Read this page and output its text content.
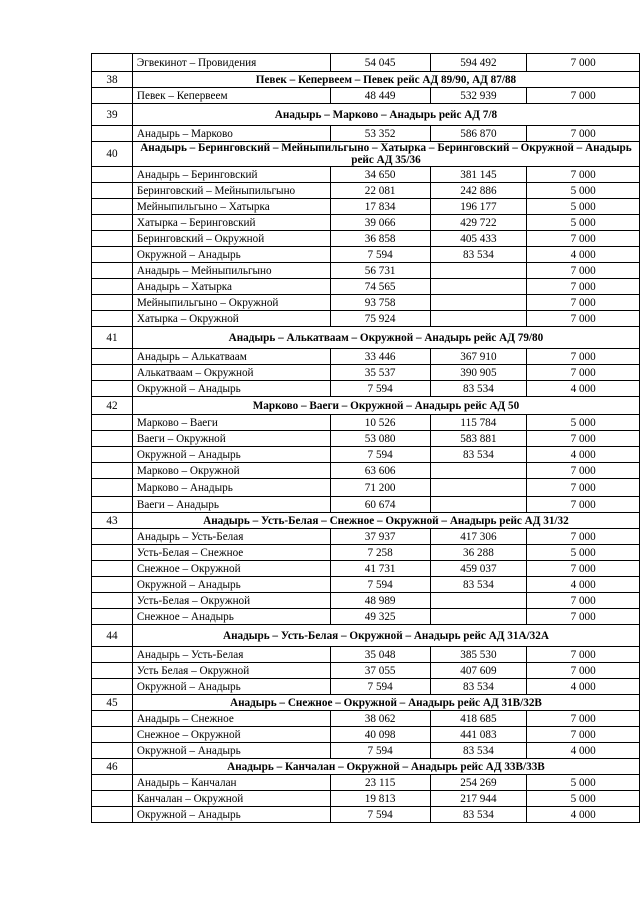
	Эгвекинот – Провидения	54 045	594 492	7 000
38	Певек – Кепервеем – Певек рейс АД 89/90, АД 87/88			
	Певек – Кепервеем	48 449	532 939	7 000
39	Анадырь – Марково – Анадырь рейс АД 7/8			
	Анадырь – Марково	53 352	586 870	7 000
40	Анадырь – Беринговский – Мейныпильгыно – Хатырка – Беринговский – Окружной – Анадырь рейс АД 35/36			
	Анадырь – Беринговский	34 650	381 145	7 000
	Беринговский – Мейныпильгыно	22 081	242 886	5 000
	Мейныпильгыно – Хатырка	17 834	196 177	5 000
	Хатырка – Беринговский	39 066	429 722	5 000
	Беринговский – Окружной	36 858	405 433	7 000
	Окружной – Анадырь	7 594	83 534	4 000
	Анадырь – Мейныпильгыно	56 731		7 000
	Анадырь – Хатырка	74 565		7 000
	Мейныпильгыно – Окружной	93 758		7 000
	Хатырка – Окружной	75 924		7 000
41	Анадырь – Алькатваам – Окружной – Анадырь рейс АД 79/80			
	Анадырь – Алькатваам	33 446	367 910	7 000
	Алькатваам – Окружной	35 537	390 905	7 000
	Окружной – Анадырь	7 594	83 534	4 000
42	Марково – Ваеги – Окружной – Анадырь рейс АД 50			
	Марково – Ваеги	10 526	115 784	5 000
	Ваеги – Окружной	53 080	583 881	7 000
	Окружной – Анадырь	7 594	83 534	4 000
	Марково – Окружной	63 606		7 000
	Марково – Анадырь	71 200		7 000
	Ваеги – Анадырь	60 674		7 000
43	Анадырь – Усть-Белая – Снежное – Окружной – Анадырь рейс АД 31/32			
	Анадырь – Усть-Белая	37 937	417 306	7 000
	Усть-Белая – Снежное	7 258	36 288	5 000
	Снежное – Окружной	41 731	459 037	7 000
	Окружной – Анадырь	7 594	83 534	4 000
	Усть-Белая – Окружной	48 989		7 000
	Снежное – Анадырь	49 325		7 000
44	Анадырь – Усть-Белая – Окружной – Анадырь рейс АД 31А/32А			
	Анадырь – Усть-Белая	35 048	385 530	7 000
	Усть Белая – Окружной	37 055	407 609	7 000
	Окружной – Анадырь	7 594	83 534	4 000
45	Анадырь – Снежное – Окружной – Анадырь рейс АД 31В/32В			
	Анадырь – Снежное	38 062	418 685	7 000
	Снежное – Окружной	40 098	441 083	7 000
	Окружной – Анадырь	7 594	83 534	4 000
46	Анадырь – Канчалан – Окружной – Анадырь рейс АД 33В/33В			
	Анадырь – Канчалан	23 115	254 269	5 000
	Канчалан – Окружной	19 813	217 944	5 000
	Окружной – Анадырь	7 594	83 534	4 000
